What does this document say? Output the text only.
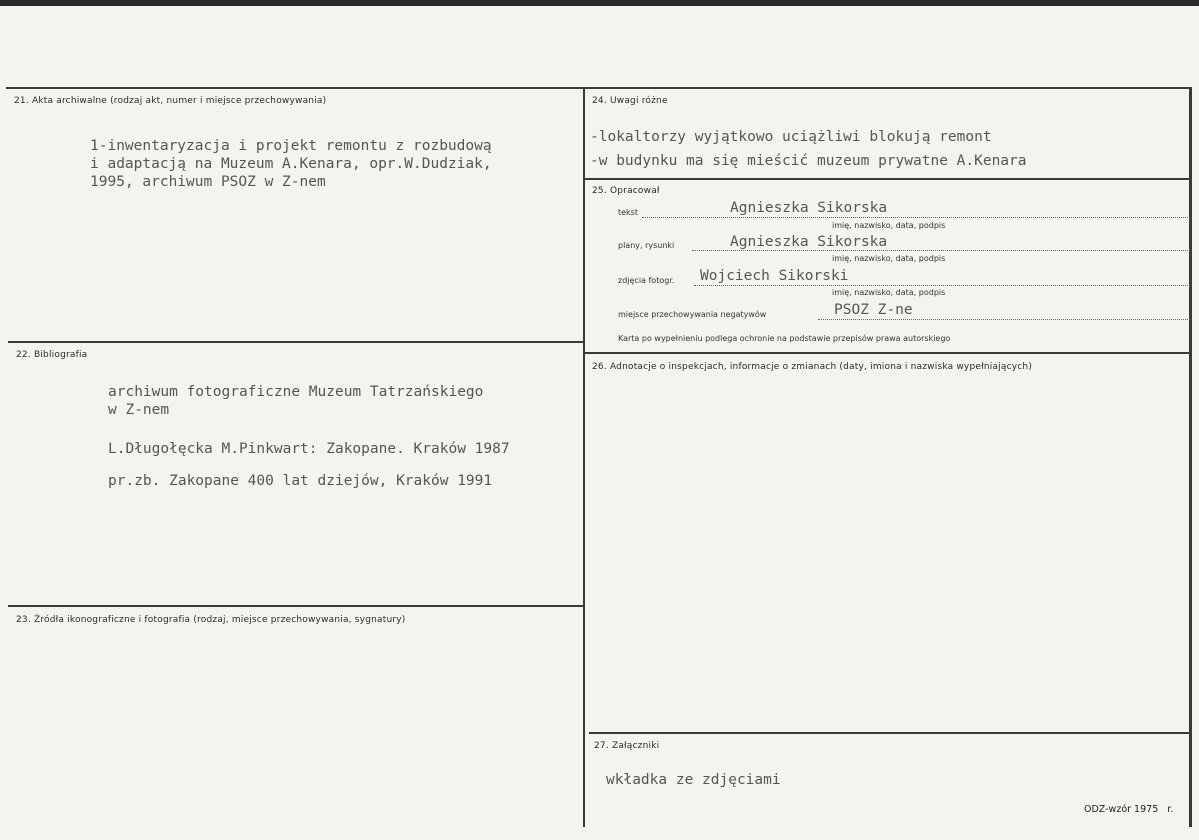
21. Akta archiwalne (rodzaj akt, numer i miejsce przechowywania)
1-inwentaryzacja i projekt remontu z rozbudową
i adaptacją na Muzeum A.Kenara, opr.W.Dudziak,
1995, archiwum PSOZ w Z-nem
22. Bibliografia
archiwum fotograficzne Muzeum Tatrzańskiego
w Z-nem
L.Długołęcka M.Pinkwart: Zakopane. Kraków 1987
pr.zb. Zakopane 400 lat dziejów, Kraków 1991
23. Źródła ikonograficzne i fotografia (rodzaj, miejsce przechowywania, sygnatury)
24. Uwagi różne
-lokaltorzy wyjątkowo uciążliwi blokują remont
-w budynku ma się mieścić muzeum prywatne A.Kenara
25. Opracował
tekst	Agnieszka Sikorska
imię, nazwisko, data, podpis
plany, rysunki	Agnieszka Sikorska
imię, nazwisko, data, podpis
zdjęcia fotogr. Wojciech Sikorski
imię, nazwisko, data, podpis
miejsce przechowywania negatywów	PSOZ Z-ne
Karta po wypełnieniu podlega ochronie na podstawie przepisów prawa autorskiego
26. Adnotacje o inspekcjach, informacje o zmianach (daty, imiona i nazwiska wypełniających)
27. Załączniki
wkładka ze zdjęciami
ODZ-wzór 1975 r.
